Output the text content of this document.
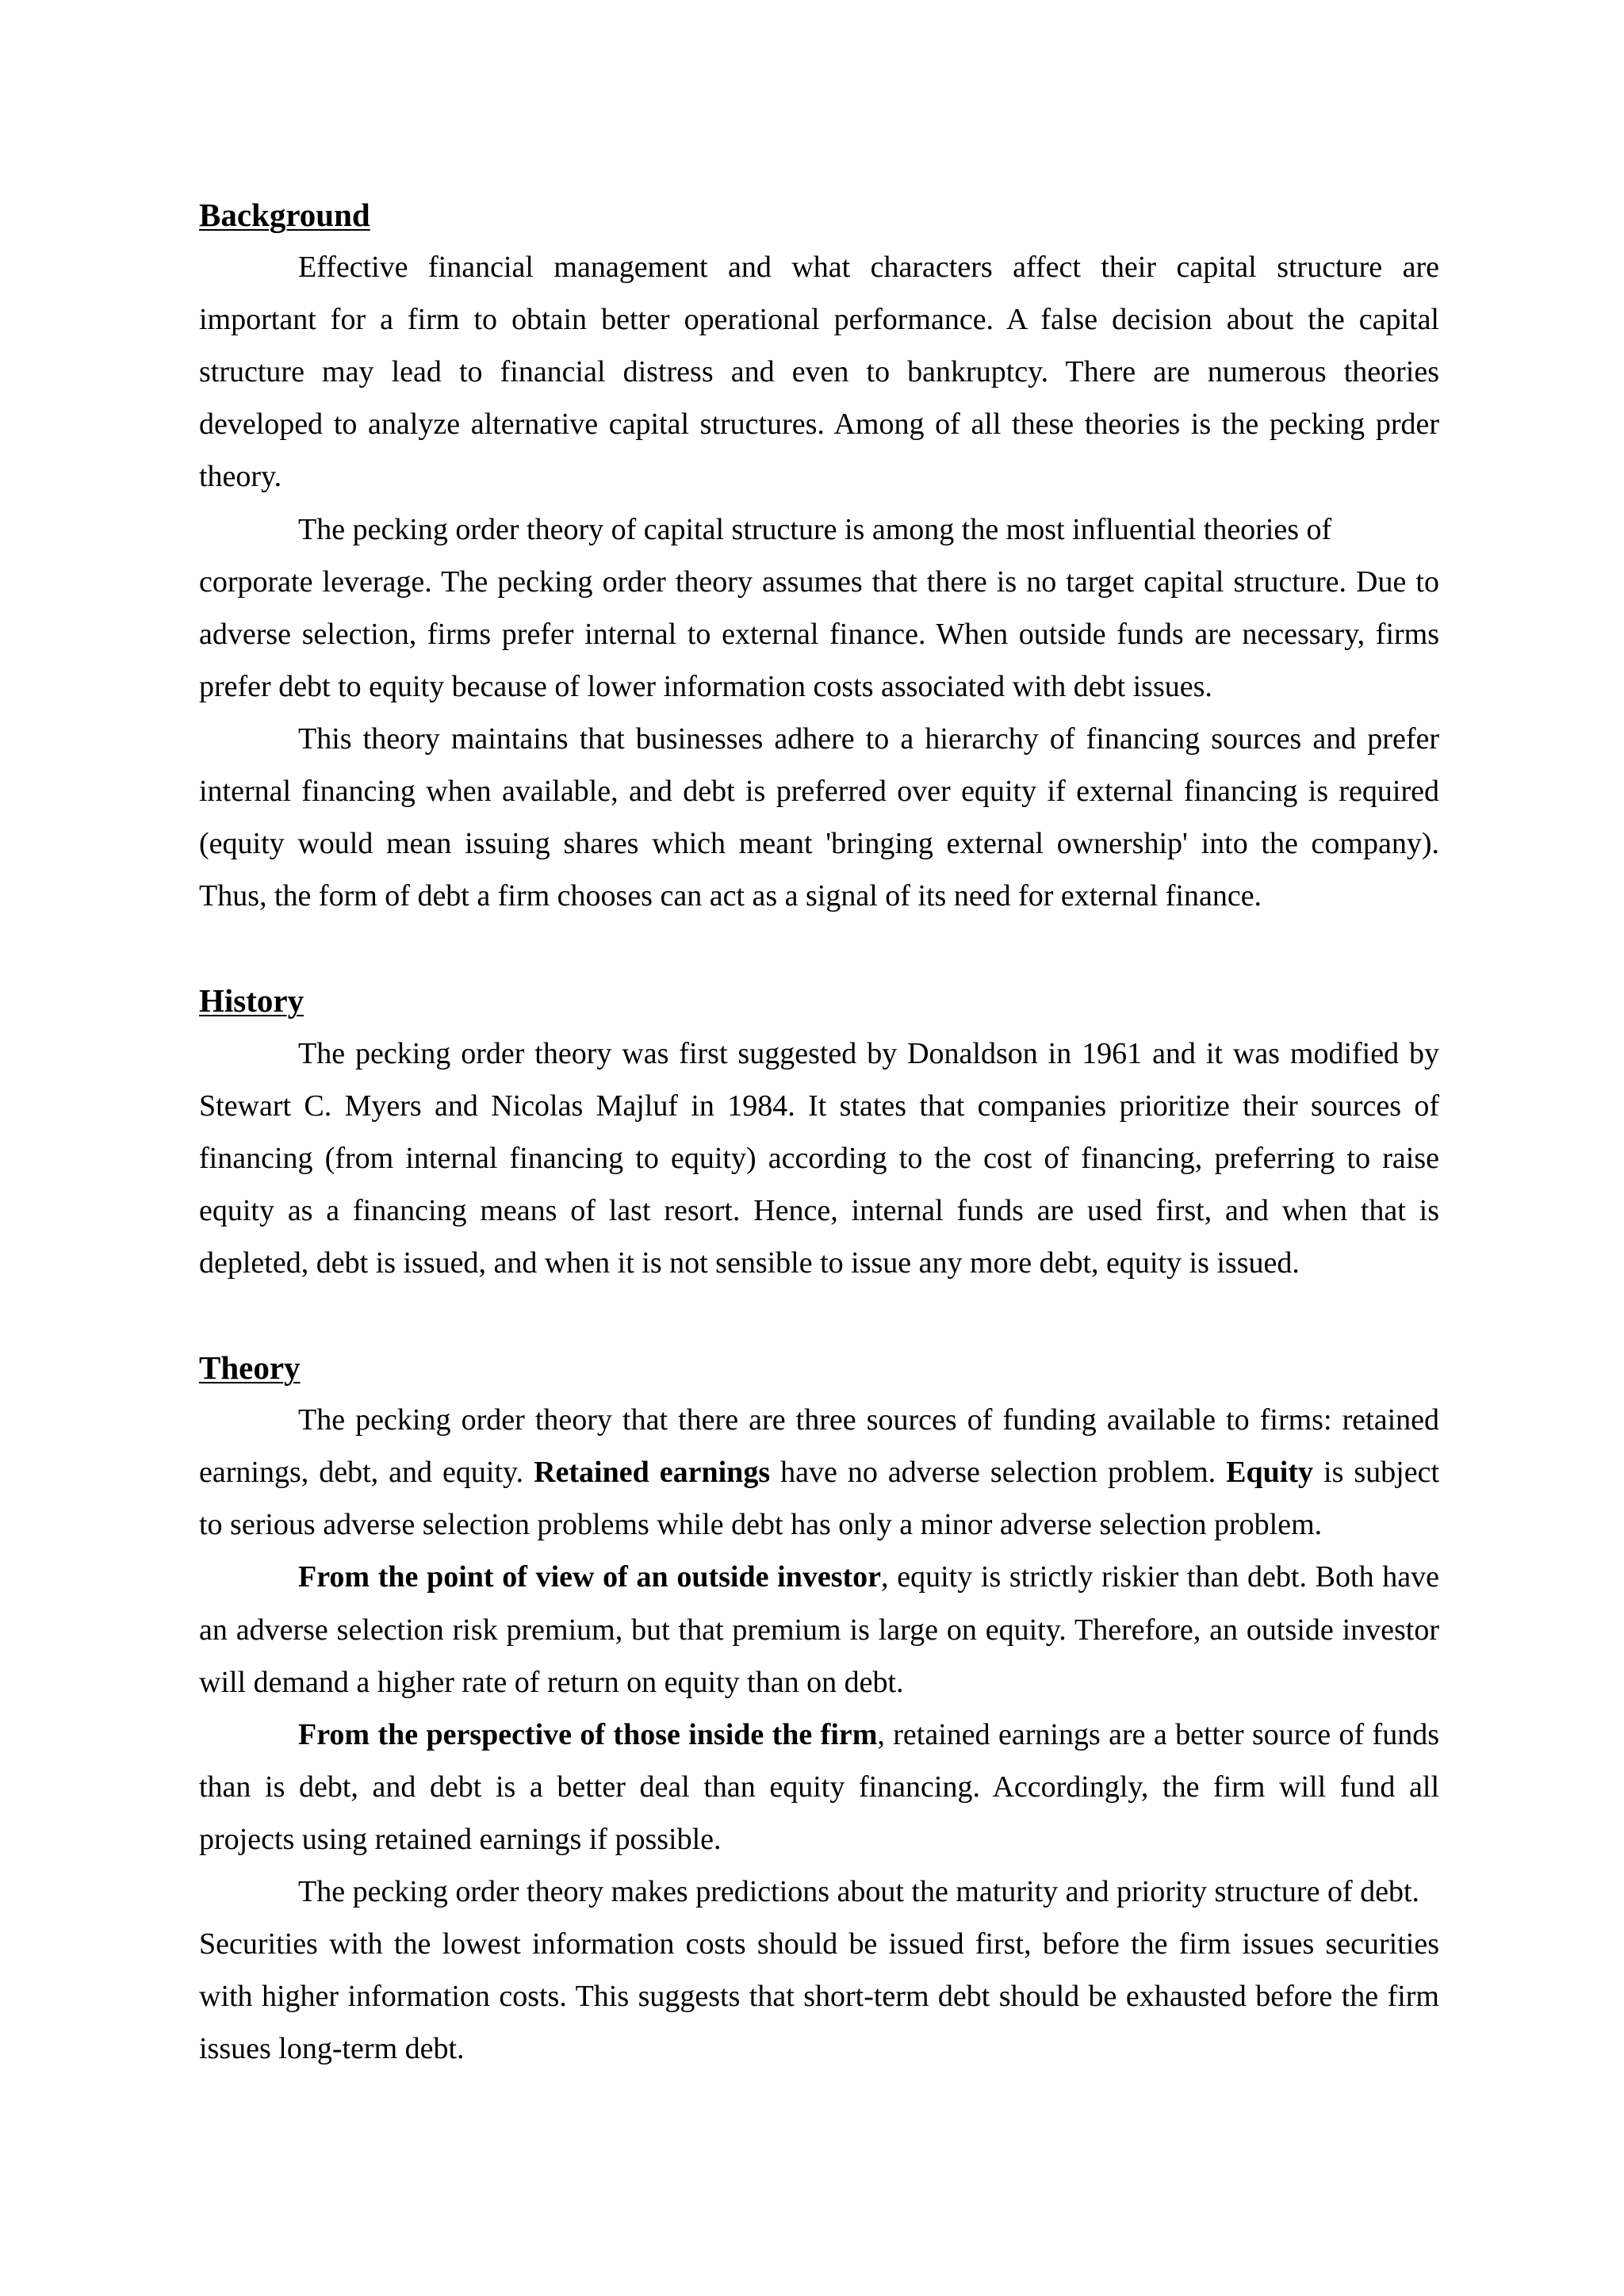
Background
Effective financial management and what characters affect their capital structure are
important for a firm to obtain better operational performance. A false decision about the capital
structure may lead to financial distress and even to bankruptcy. There are numerous theories
developed to analyze alternative capital structures. Among of all these theories is the pecking prder
theory.
The pecking order theory of capital structure is among the most influential theories of
corporate leverage. The pecking order theory assumes that there is no target capital structure. Due to
adverse selection, firms prefer internal to external finance. When outside funds are necessary, firms
prefer debt to equity because of lower information costs associated with debt issues.
This theory maintains that businesses adhere to a hierarchy of financing sources and prefer
internal financing when available, and debt is preferred over equity if external financing is required
(equity would mean issuing shares which meant 'bringing external ownership' into the company).
Thus, the form of debt a firm chooses can act as a signal of its need for external finance.
History
The pecking order theory was first suggested by Donaldson in 1961 and it was modified by
Stewart C. Myers and Nicolas Majluf in 1984. It states that companies prioritize their sources of
financing (from internal financing to equity) according to the cost of financing, preferring to raise
equity as a financing means of last resort. Hence, internal funds are used first, and when that is
depleted, debt is issued, and when it is not sensible to issue any more debt, equity is issued.
Theory
The pecking order theory that there are three sources of funding available to firms: retained
earnings, debt, and equity. Retained earnings have no adverse selection problem. Equity is subject
to serious adverse selection problems while debt has only a minor adverse selection problem.
From the point of view of an outside investor, equity is strictly riskier than debt. Both have
an adverse selection risk premium, but that premium is large on equity. Therefore, an outside investor
will demand a higher rate of return on equity than on debt.
From the perspective of those inside the firm, retained earnings are a better source of funds
than is debt, and debt is a better deal than equity financing. Accordingly, the firm will fund all
projects using retained earnings if possible.
The pecking order theory makes predictions about the maturity and priority structure of debt.
Securities with the lowest information costs should be issued first, before the firm issues securities
with higher information costs. This suggests that short-term debt should be exhausted before the firm
issues long-term debt.
